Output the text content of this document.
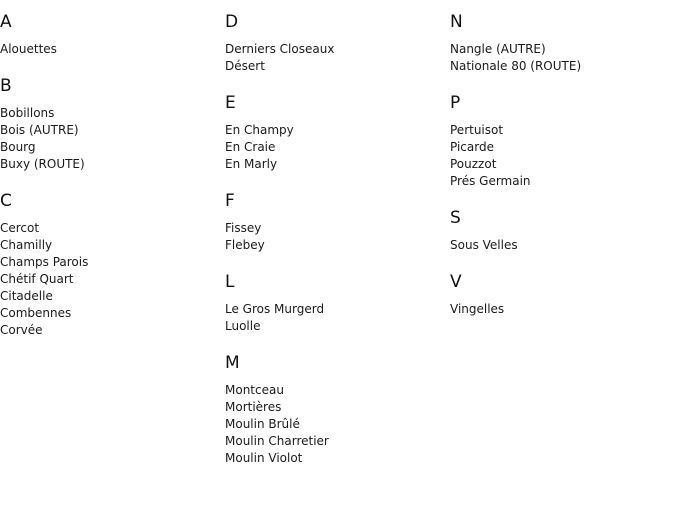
A
Alouettes
B
Bobillons
Bois (AUTRE)
Bourg
Buxy (ROUTE)
C
Cercot
Chamilly
Champs Parois
Chétif Quart
Citadelle
Combennes
Corvée
D
Derniers Closeaux
Désert
E
En Champy
En Craie
En Marly
F
Fissey
Flebey
L
Le Gros Murgerd
Luolle
M
Montceau
Mortières
Moulin Brûlé
Moulin Charretier
Moulin Violot
N
Nangle (AUTRE)
Nationale 80 (ROUTE)
P
Pertuisot
Picarde
Pouzzot
Prés Germain
S
Sous Velles
V
Vingelles
